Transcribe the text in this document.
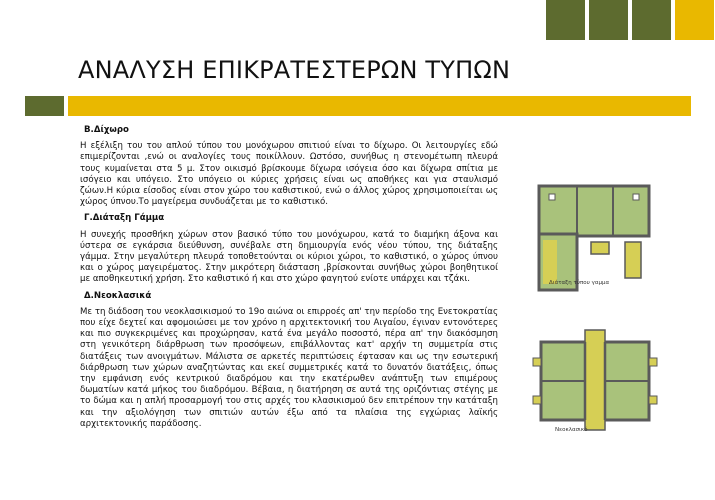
ΑΝΑΛΥΣΗ ΕΠΙΚΡΑΤΕΣΤΕΡΩΝ ΤΥΠΩΝ
Β.Δίχωρο

Η εξέλιξη του του απλού τύπου του μονόχωρου σπιτιού είναι το δίχωρο. Οι λειτουργίες εδώ επιμερίζονται ,ενώ οι αναλογίες τους ποικίλλουν. Ωστόσο, συνήθως η στενομέτωπη πλευρά τους κυμαίνεται στα 5 μ. Στον οικισμό βρίσκουμε δίχωρα ισόγεια όσο και δίχωρα σπίτια με ισόγειο και υπόγειο. Στο υπόγειο οι κύριες χρήσεις είναι ως αποθήκες και για σταυλισμό ζώων.Η κύρια είσοδος είναι στον χώρο του καθιστικού, ενώ ο άλλος χώρος χρησιμοποιείται ως χώρος ύπνου.Το μαγείρεμα συνδυάζεται με το καθιστικό.

Γ.Διάταξη Γάμμα

Η συνεχής προσθήκη χώρων στον βασικό τύπο του μονόχωρου, κατά το διαμήκη άξονα και ύστερα σε εγκάρσια διεύθυνση, συνέβαλε στη δημιουργία ενός νέου τύπου, της διάταξης γάμμα. Στην μεγαλύτερη πλευρά τοποθετούνται οι κύριοι χώροι, το καθιστικό, ο χώρος ύπνου και ο χώρος μαγειρέματος. Στην μικρότερη διάσταση ,βρίσκονται συνήθως χώροι βοηθητικοί με αποθηκευτική χρήση. Στο καθιστικό ή και στο χώρο φαγητού ενίοτε υπάρχει και τζάκι.

Δ.Νεοκλασικά

Με τη διάδοση του νεοκλασικισμού το 19ο αιώνα οι επιρροές απ' την περίοδο της Ενετοκρατίας που είχε δεχτεί και αφομοιώσει με τον χρόνο η αρχιτεκτονική του Αιγαίου, έγιναν εντονότερες και πιο συγκεκριμένες και προχώρησαν, κατά ένα μεγάλο ποσοστό, πέρα απ' την διακόσμηση στη γενικότερη διάρθρωση των προσόψεων, επιβάλλοντας κατ' αρχήν τη συμμετρία στις διατάξεις των ανοιγμάτων. Μάλιστα σε αρκετές περιπτώσεις έφτασαν και ως την εσωτερική διάρθρωση των χώρων αναζητώντας και εκεί συμμετρικές κατά το δυνατόν διατάξεις, όπως την εμφάνιση ενός κεντρικού διαδρόμου και την εκατέρωθεν ανάπτυξη των επιμέρους δωματίων κατά μήκος του διαδρόμου. Βέβαια, η διατήρηση σε αυτά της οριζόντιας στέγης με το δώμα και η απλή προσαρμογή του στις αρχές του κλασικισμού δεν επιτρέπουν την κατάταξη και την αξιολόγηση των σπιτιών αυτών έξω από τα πλαίσια της εγχώριας λαϊκής αρχιτεκτονικής παράδοσης.

Διάταξη τύπου γαμμα
Νεοκλασικό
